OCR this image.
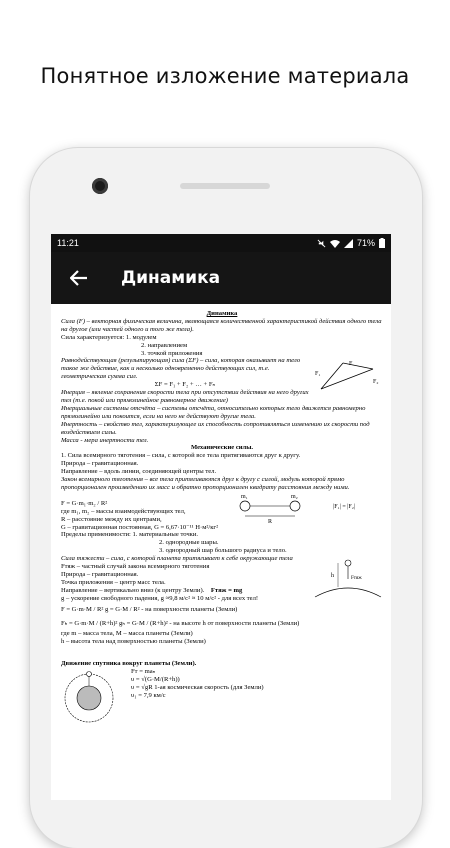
Понятное изложение материала
11:21	71%
Динамика

Динамика

Сила (F) – векторная физическая величина, являющаяся количественной характеристикой действия одного тела на другое (или частей одного и того же тела).

Сила характеризуется: 1. модулем

2. направлением

3. точкой приложения

F₁
F
F₂

Равнодействующая (результирующая) сила (ΣF) – сила, которая оказывает на тело такое же действие, как и несколько одновременно действующих сил, т.е. геометрическая сумма сил.

ΣF = F₁ + F₂ + … + Fₙ

Инерция – явление сохранения скорости тела при отсутствии действия на него других тел (т.е. покой или прямолинейное равномерное движение)

Инерциальные системы отсчёта – системы отсчёта, относительно которых тело движется равномерно прямолинейно или покоится, если на него не действуют другие тела.

Инертность – свойство тел, характеризующее их способность сопротивляться изменению их скорости под воздействием силы.

Масса - мера инертности тел.

Механические силы.

1. Сила всемирного тяготения – сила, с которой все тела притягиваются друг к другу.

Природа – гравитационная.

Направление – вдоль линии, соединяющей центры тел.

Закон всемирного тяготения – все тела притягиваются друг к другу с силой, модуль которой прямо пропорционален произведению их масс и обратно пропорционален квадрату расстояния между ними.

m₁	m₂
R
|F₁| = |F₂|

F = G·m₁·m₂ / R²

где m₁, m₂ – массы взаимодействующих тел,

R – расстояние между их центрами,

G – гравитационная постоянная, G = 6,67·10⁻¹¹ Н·м²/кг²

Пределы применимости: 1. материальные точки.

2. однородные шары.

3. однородный шар большого радиуса и тело.

h	Fтяж

Сила тяжести – сила, с которой планета притягивает к себе окружающие тела

Fтяж – частный случай закона всемирного тяготения

Природа – гравитационная.

Точка приложения – центр масс тела.

Направление – вертикально вниз (к центру Земли). Fтяж = mg

g – ускорение свободного падения, g ≈9,8 м/с² ≈ 10 м/с² - для всех тел!

F = G·m·M / R² g = G·M / R² - на поверхности планеты (Земли)

Fₕ = G·m·M / (R+h)² gₕ = G·M / (R+h)² - на высоте h от поверхности планеты (Земли)

где m – масса тела, M – масса планеты (Земли)

h – высота тела над поверхностью планеты (Земли)

Движение спутника вокруг планеты (Земли).

Fт = maₙ

υ = √(G·M/(R+h))

υ = √gR 1-ая космическая скорость (для Земли)

υ₁ = 7,9 км/с
